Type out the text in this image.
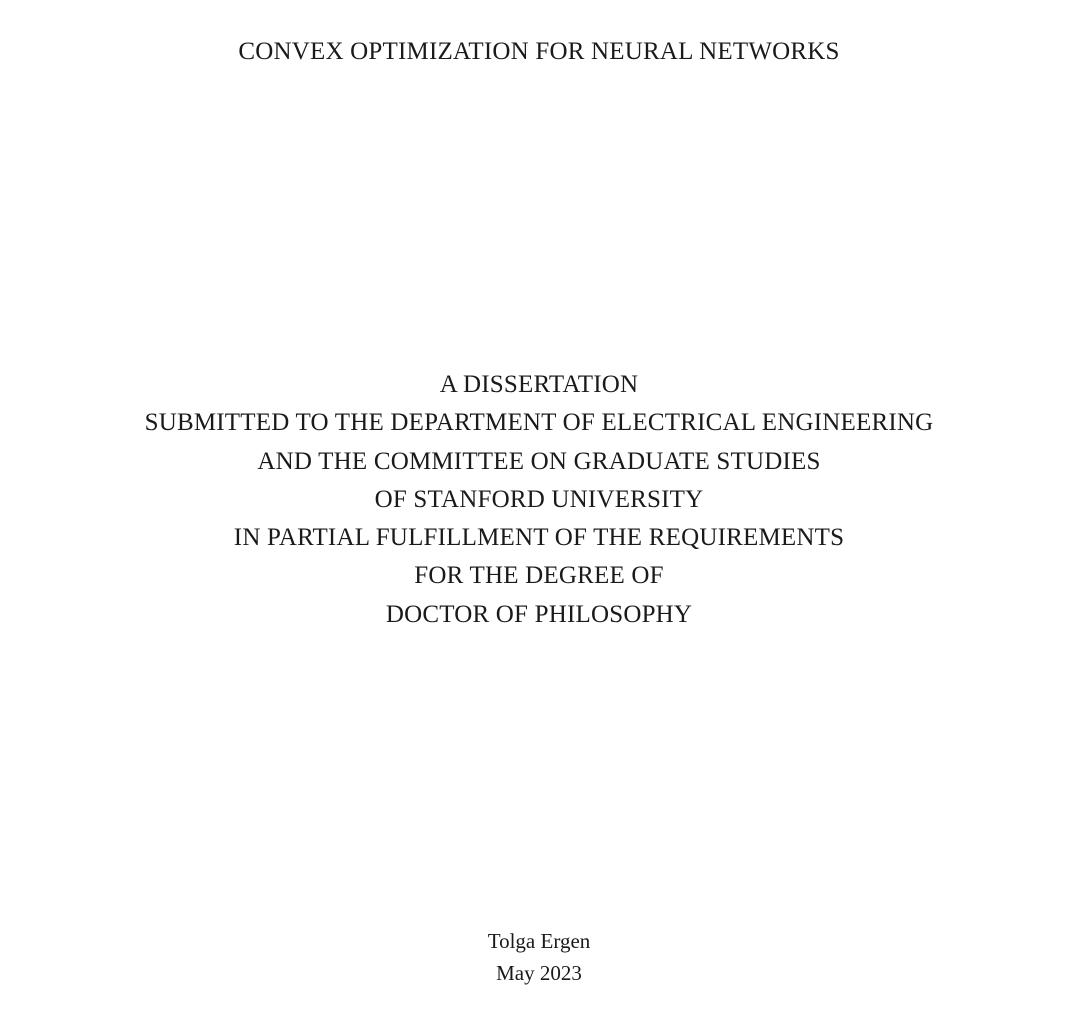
CONVEX OPTIMIZATION FOR NEURAL NETWORKS
A DISSERTATION
SUBMITTED TO THE DEPARTMENT OF ELECTRICAL ENGINEERING
AND THE COMMITTEE ON GRADUATE STUDIES
OF STANFORD UNIVERSITY
IN PARTIAL FULFILLMENT OF THE REQUIREMENTS
FOR THE DEGREE OF
DOCTOR OF PHILOSOPHY
Tolga Ergen
May 2023
